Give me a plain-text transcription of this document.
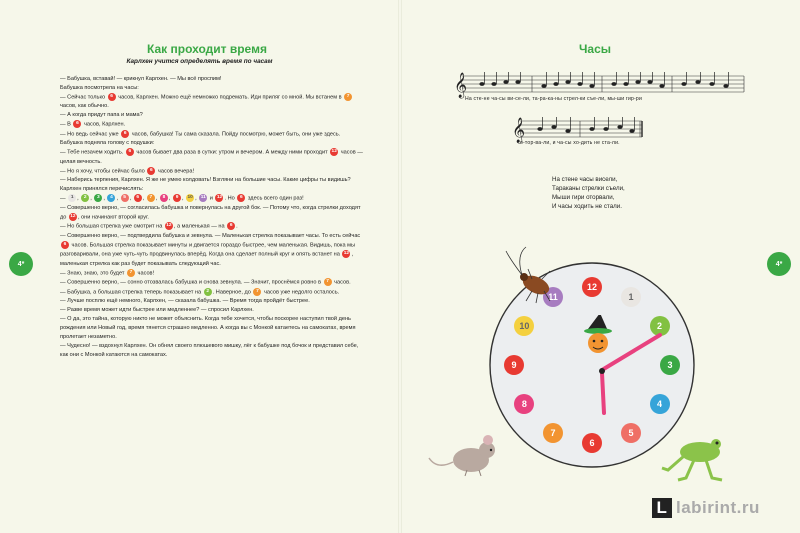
Как проходит время
Карлхен учится определять время по часам

— Бабушка, вставай! — крикнул Карлхен. — Мы всё проспим!

Бабушка посмотрела на часы:

— Сейчас только 6 часов, Карлхен. Можно ещё немножко подремать. Иди приляг со мной. Мы встанем в 7 часов, как обычно.

— А когда придут папа и мама?

— В 6 часов, Карлхен.

— Но ведь сейчас уже 6 часов, бабушка! Ты сама сказала. Пойду посмотрю, может быть, они уже здесь.

Бабушка подняла голову с подушки:

— Тебе незачем ходить. 6 часов бывает два раза в сутки: утром и вечером. А между ними проходит 12 часов — целая вечность.

— Но я хочу, чтобы сейчас было 6 часов вечера!

— Наберись терпения, Карлхен. Я же не умею колдовать! Взгляни на большие часы. Какие цифры ты видишь?

Карлхен принялся перечислять:

— 1 , 2 , 3 , 4 , 5 , 6 , 7 , 8 , 9 , 10 , 11 и 12 . Но 6 здесь всего один раз!

— Совершенно верно, — согласилась бабушка и повернулась на другой бок. — Потому что, когда стрелки доходят до 12 , они начинают второй круг.

— Но большая стрелка уже смотрит на 12 , а маленькая — на 6 .

— Совершенно верно, — подтвердила бабушка и зевнула. — Маленькая стрелка показывает часы. То есть сейчас 6 часов. Большая стрелка показывает минуты и двигается гораздо быстрее, чем маленькая. Видишь, пока мы разговаривали, она уже чуть-чуть продвинулась вперёд. Когда она сделает полный круг и опять встанет на 12 , маленькая стрелка как раз будет показывать следующий час.

— Знаю, знаю, это будет 7 часов!

— Совершенно верно, — сонно отозвалась бабушка и снова зевнула. — Значит, проснёмся ровно в 7 часов.

— Бабушка, а большая стрелка теперь показывает на 2 . Наверное, до 7 часов уже недолго осталось.

— Лучше посплю ещё немного, Карлхен, — сказала бабушка. — Время тогда пройдёт быстрее.

— Разве время может идти быстрее или медленнее? — спросил Карлхен.

— О да, это тайна, которую никто не может объяснить. Когда тебе хочется, чтобы поскорее наступил твой день рождения или Новый год, время тянется страшно медленно. А когда вы с Монкой катаетесь на самокатах, время пролетает незаметно.

— Чудесно! — вздохнул Карлхен. Он обнял своего плюшевого мишку, лёг к бабушке под бочок и представил себе, как они с Монкой катаются на самокатах.

4*
Часы
𝄞
На сте-не ча-сы ви-се-ли, та-ра-ка-ны стрел-ки съе-ли, мы-ши гир-ри
𝄞
о-тор-ва-ли, и ча-сы хо-дить не ста-ли.

На стене часы висели,

Тараканы стрелки съели,

Мыши гири оторвали,

И часы ходить не стали.

12
1
2
3
4
5
6
7
8
9
10
11
4*
L labirint.ru
